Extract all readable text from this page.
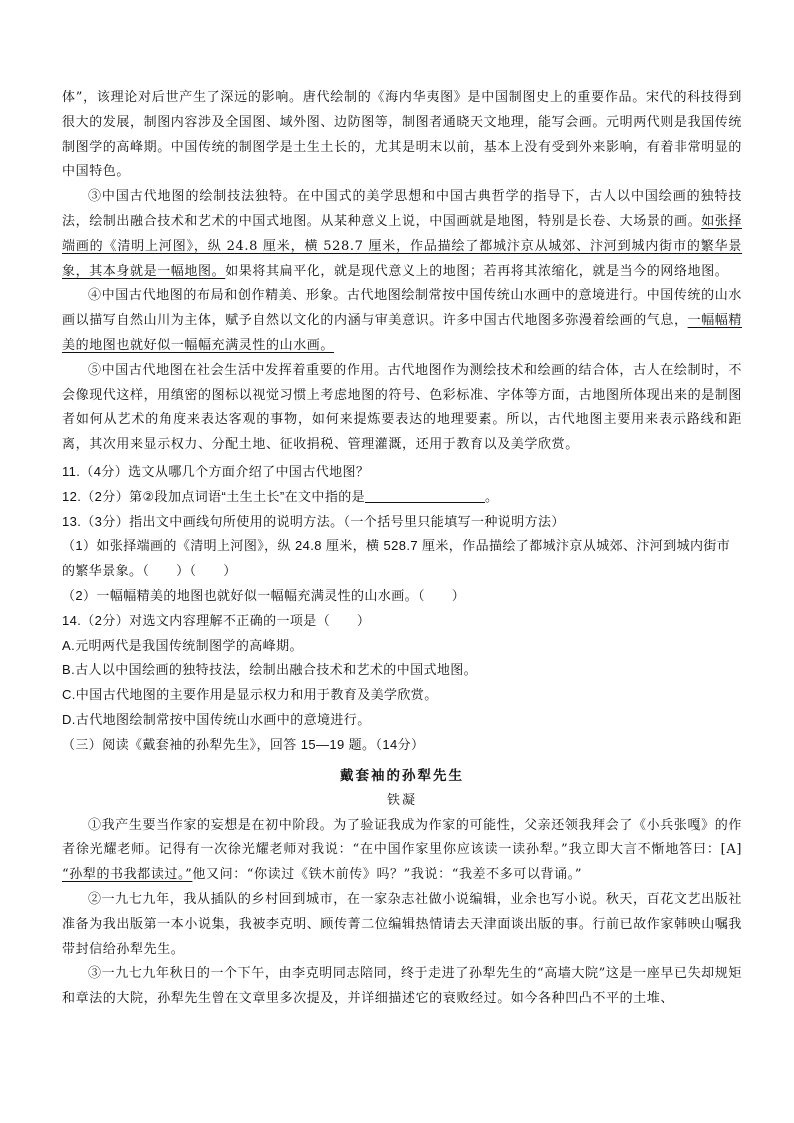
体”，该理论对后世产生了深远的影响。唐代绘制的《海内华夷图》是中国制图史上的重要作品。宋代的科技得到很大的发展，制图内容涉及全国图、域外图、边防图等，制图者通晓天文地理，能写会画。元明两代则是我国传统制图学的高峰期。中国传统的制图学是土生土长的，尤其是明末以前，基本上没有受到外来影响，有着非常明显的中国特色。

③中国古代地图的绘制技法独特。在中国式的美学思想和中国古典哲学的指导下，古人以中国绘画的独特技法，绘制出融合技术和艺术的中国式地图。从某种意义上说，中国画就是地图，特别是长卷、大场景的画。如张择端画的《清明上河图》，纵 24.8 厘米，横 528.7 厘米，作品描绘了都城汴京从城郊、汴河到城内街市的繁华景象，其本身就是一幅地图。如果将其扁平化，就是现代意义上的地图；若再将其浓缩化，就是当今的网络地图。

④中国古代地图的布局和创作精美、形象。古代地图绘制常按中国传统山水画中的意境进行。中国传统的山水画以描写自然山川为主体，赋予自然以文化的内涵与审美意识。许多中国古代地图多弥漫着绘画的气息，一幅幅精美的地图也就好似一幅幅充满灵性的山水画。

⑤中国古代地图在社会生活中发挥着重要的作用。古代地图作为测绘技术和绘画的结合体，古人在绘制时，不会像现代这样，用缜密的图标以视觉习惯上考虑地图的符号、色彩标准、字体等方面，古地图所体现出来的是制图者如何从艺术的角度来表达客观的事物，如何来提炼要表达的地理要素。所以，古代地图主要用来表示路线和距离，其次用来显示权力、分配土地、征收捐税、管理灌溉，还用于教育以及美学欣赏。

11.（4分）选文从哪几个方面介绍了中国古代地图？

12.（2分）第②段加点词语“土生土长”在文中指的是	。

13.（3分）指出文中画线句所使用的说明方法。（一个括号里只能填写一种说明方法）

（1）如张择端画的《清明上河图》，纵 24.8 厘米，横 528.7 厘米，作品描绘了都城汴京从城郊、汴河到城内街市的繁华景象。（　　）（　　）

（2）一幅幅精美的地图也就好似一幅幅充满灵性的山水画。（　　）

14.（2分）对选文内容理解不正确的一项是（　　）

A.元明两代是我国传统制图学的高峰期。

B.古人以中国绘画的独特技法，绘制出融合技术和艺术的中国式地图。

C.中国古代地图的主要作用是显示权力和用于教育及美学欣赏。

D.古代地图绘制常按中国传统山水画中的意境进行。

（三）阅读《戴套袖的孙犁先生》，回答 15—19 题。（14分）

戴套袖的孙犁先生

铁凝

①我产生要当作家的妄想是在初中阶段。为了验证我成为作家的可能性，父亲还领我拜会了《小兵张嘎》的作者徐光耀老师。记得有一次徐光耀老师对我说：“在中国作家里你应该读一读孙犁。”我立即大言不惭地答曰：[A] “孙犁的书我都读过。”他又问：“你读过《铁木前传》吗？”我说：“我差不多可以背诵。”

②一九七九年，我从插队的乡村回到城市，在一家杂志社做小说编辑，业余也写小说。秋天，百花文艺出版社准备为我出版第一本小说集，我被李克明、顾传菁二位编辑热情请去天津面谈出版的事。行前已故作家韩映山嘱我带封信给孙犁先生。

③一九七九年秋日的一个下午，由李克明同志陪同，终于走进了孙犁先生的“高墙大院”这是一座早已失却规矩和章法的大院，孙犁先生曾在文章里多次提及，并详细描述它的衰败经过。如今各种凹凸不平的土堆、
